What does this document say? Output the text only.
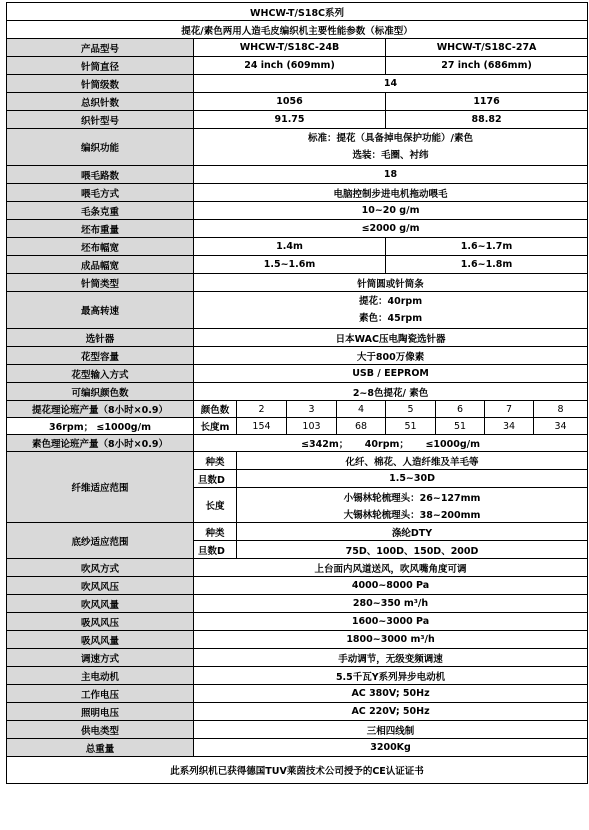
WHCW-T/S18C系列								
提花/素色两用人造毛皮编织机主要性能参数（标准型）								
产品型号	WHCW-T/S18C-24B				WHCW-T/S18C-27A			
针筒直径	24 inch (609mm)				27 inch (686mm)			
针筒级数	14							
总织针数	1056				1176			
织针型号	91.75				88.82			
编织功能	标准：提花（具备掉电保护功能）/素色
选装：毛圈、衬纬							

喂毛路数	18							
喂毛方式	电脑控制步进电机拖动喂毛							
毛条克重	10~20 g/m							
坯布重量	≤2000 g/m							
坯布幅宽	1.4m				1.6~1.7m			
成品幅宽	1.5~1.6m				1.6~1.8m			
针筒类型	针筒圆或针筒条							
最高转速	提花：40rpm
素色：45rpm							

选针器	日本WAC压电陶瓷选针器							
花型容量	大于800万像素							
花型输入方式	USB / EEPROM							
可编织颜色数	2~8色提花/ 素色							
提花理论班产量（8小时×0.9）	颜色数	2	3	4	5	6	7	8
36rpm； ≤1000g/m	长度m	154	103	68	51	51	34	34
素色理论班产量（8小时×0.9）	≤342m；     40rpm；     ≤1000g/m							
纤维适应范围	种类	化纤、棉花、人造纤维及羊毛等						
	旦数D	1.5~30D						
	长度	小锡林轮梳理头：26~127mm						
		大锡林轮梳理头：38~200mm						
底纱适应范围	种类	涤纶DTY						
	旦数D	75D、100D、150D、200D						
吹风方式	上台面内风道送风，吹风嘴角度可调							
吹风风压	4000~8000 Pa							
吹风风量	280~350 m³/h							
吸风风压	1600~3000 Pa							
吸风风量	1800~3000 m³/h							
调速方式	手动调节，无级变频调速							
主电动机	5.5千瓦Y系列异步电动机							
工作电压	AC 380V; 50Hz							
照明电压	AC 220V; 50Hz							
供电类型	三相四线制							
总重量	3200Kg							
此系列织机已获得德国TUV莱茵技术公司授予的CE认证证书								
